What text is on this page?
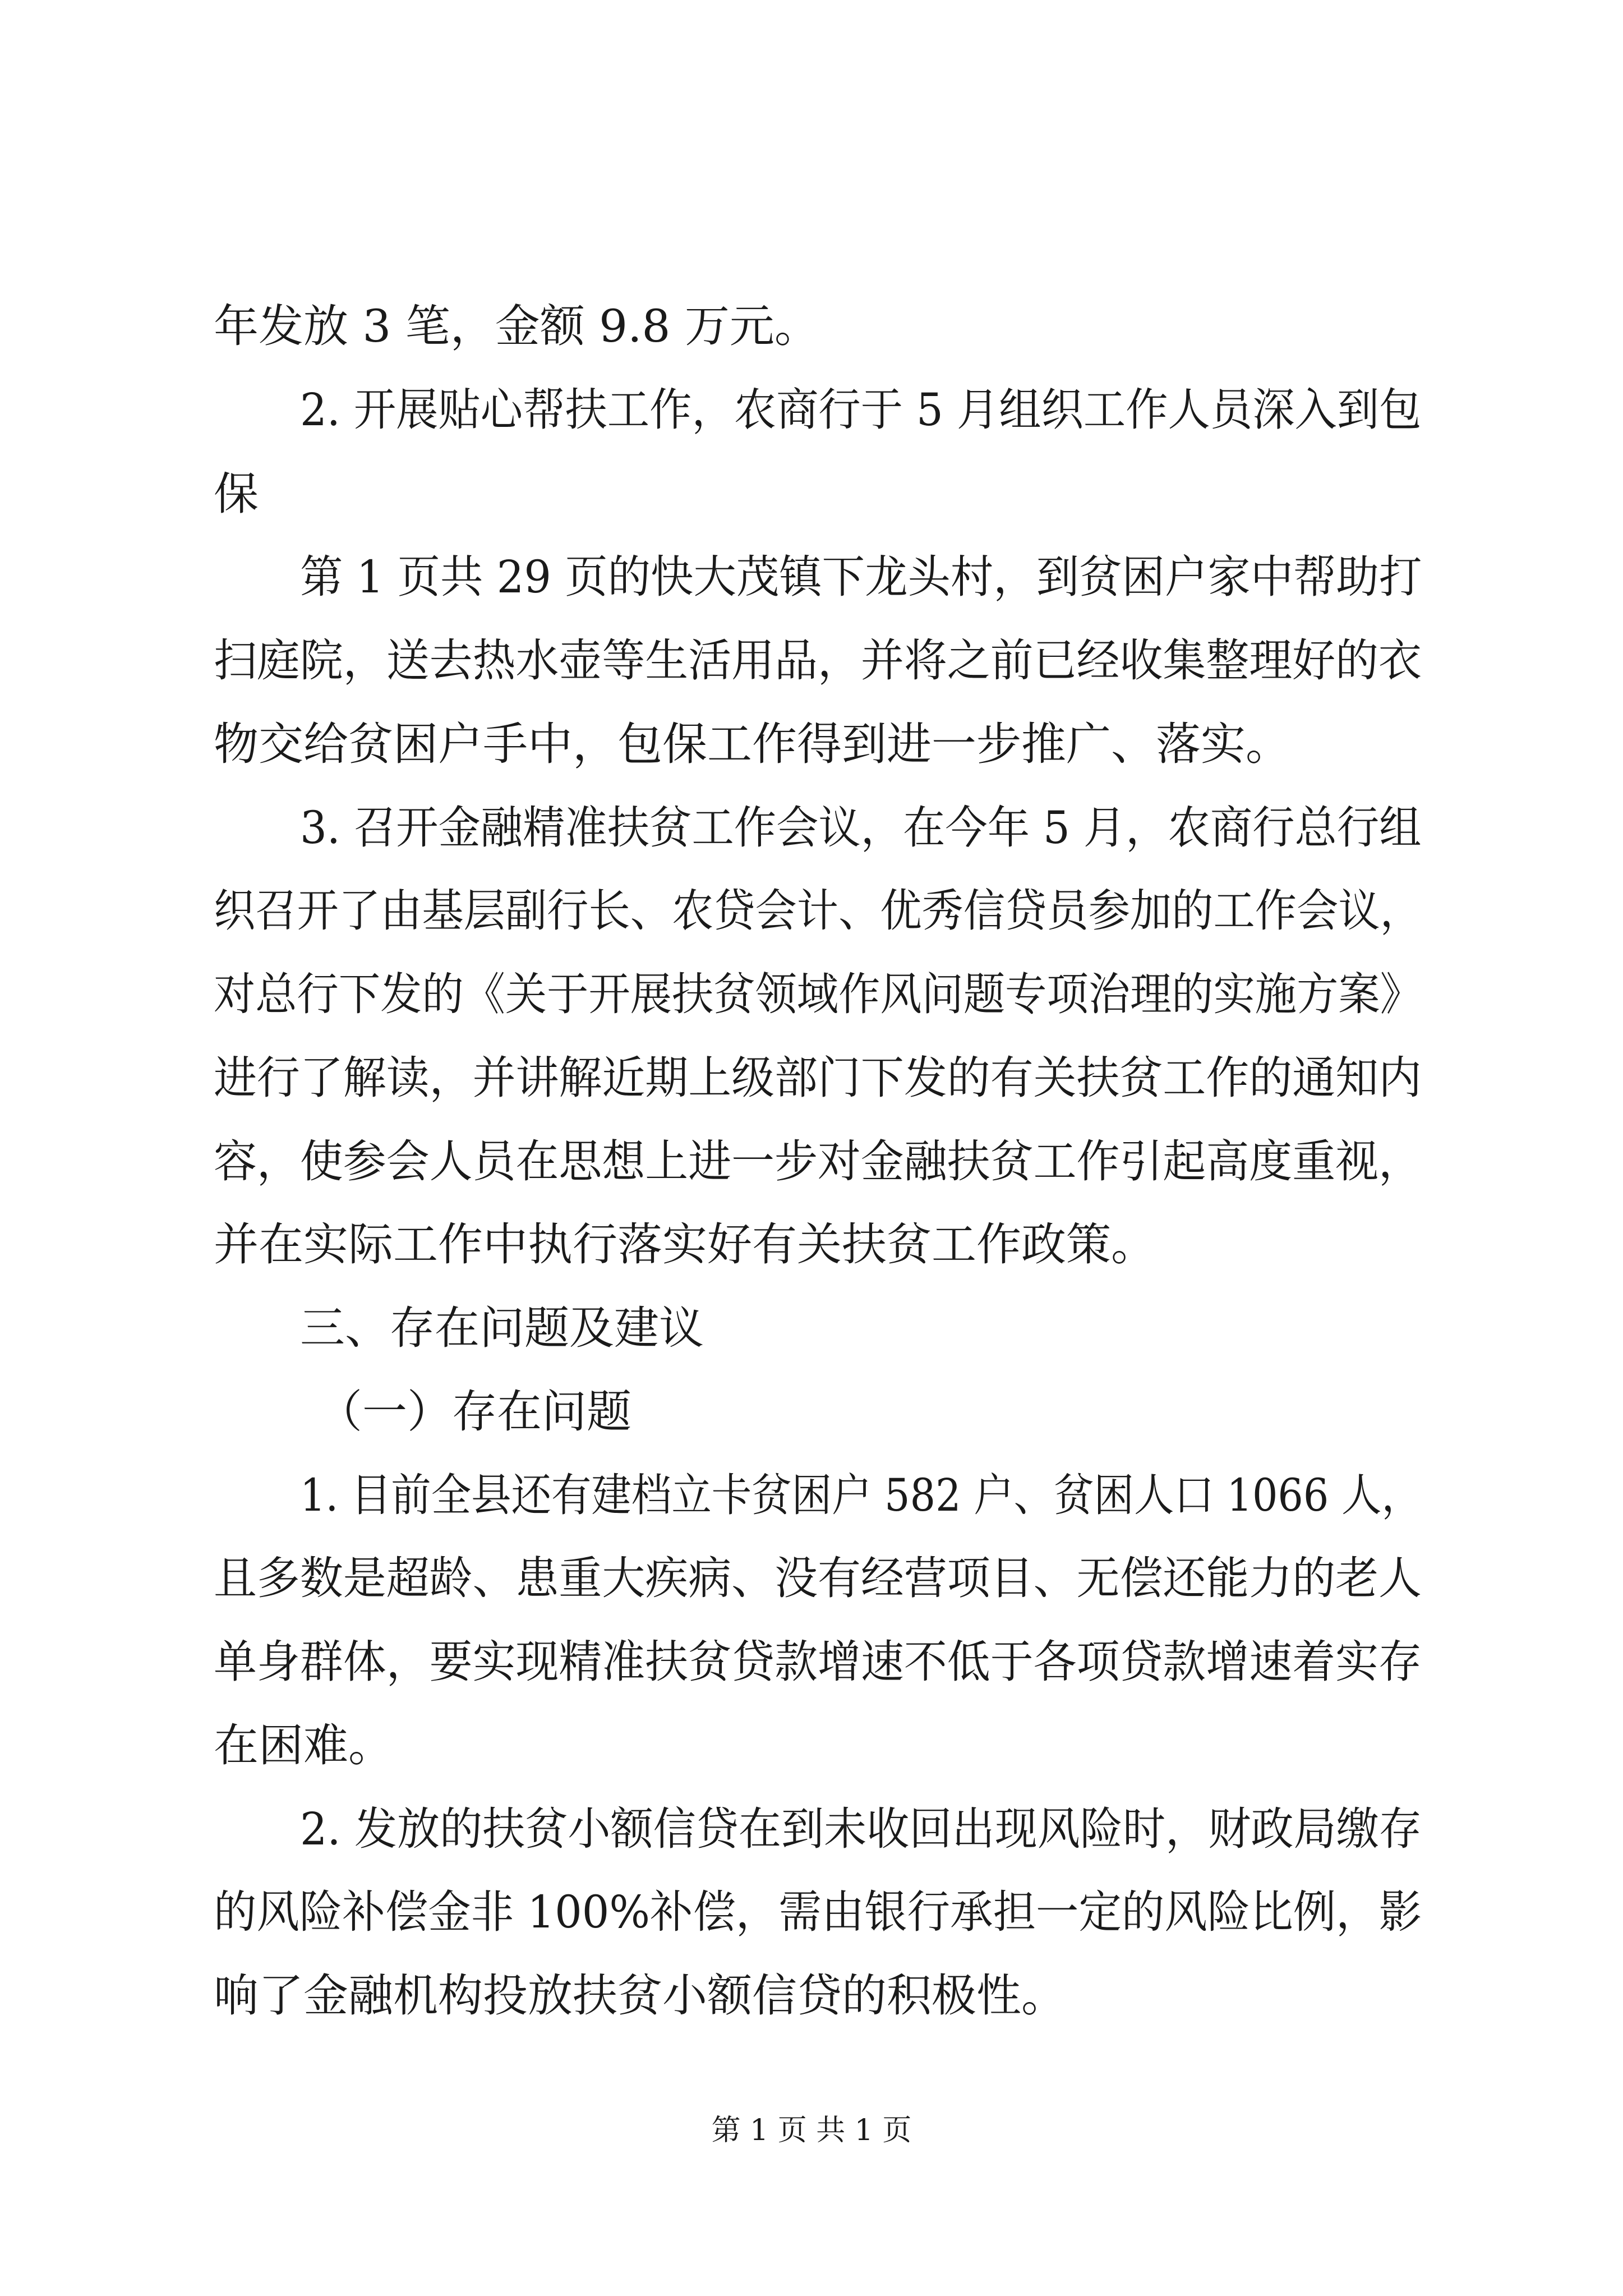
年发放 3 笔，金额 9.8 万元。
2. 开展贴心帮扶工作，农商行于 5 月组织工作人员深入到包
保
第 1 页共 29 页的快大茂镇下龙头村，到贫困户家中帮助打
扫庭院，送去热水壶等生活用品，并将之前已经收集整理好的衣
物交给贫困户手中，包保工作得到进一步推广、落实。
3. 召开金融精准扶贫工作会议，在今年 5 月，农商行总行组
织召开了由基层副行长、农贷会计、优秀信贷员参加的工作会议，
对总行下发的《关于开展扶贫领域作风问题专项治理的实施方案》
进行了解读，并讲解近期上级部门下发的有关扶贫工作的通知内
容，使参会人员在思想上进一步对金融扶贫工作引起高度重视，
并在实际工作中执行落实好有关扶贫工作政策。
三、存在问题及建议
（一）存在问题
1. 目前全县还有建档立卡贫困户 582 户、贫困人口 1066 人，
且多数是超龄、患重大疾病、没有经营项目、无偿还能力的老人
单身群体，要实现精准扶贫贷款增速不低于各项贷款增速着实存
在困难。
2. 发放的扶贫小额信贷在到未收回出现风险时，财政局缴存
的风险补偿金非 100%补偿，需由银行承担一定的风险比例，影
响了金融机构投放扶贫小额信贷的积极性。
第 1 页 共 1 页
